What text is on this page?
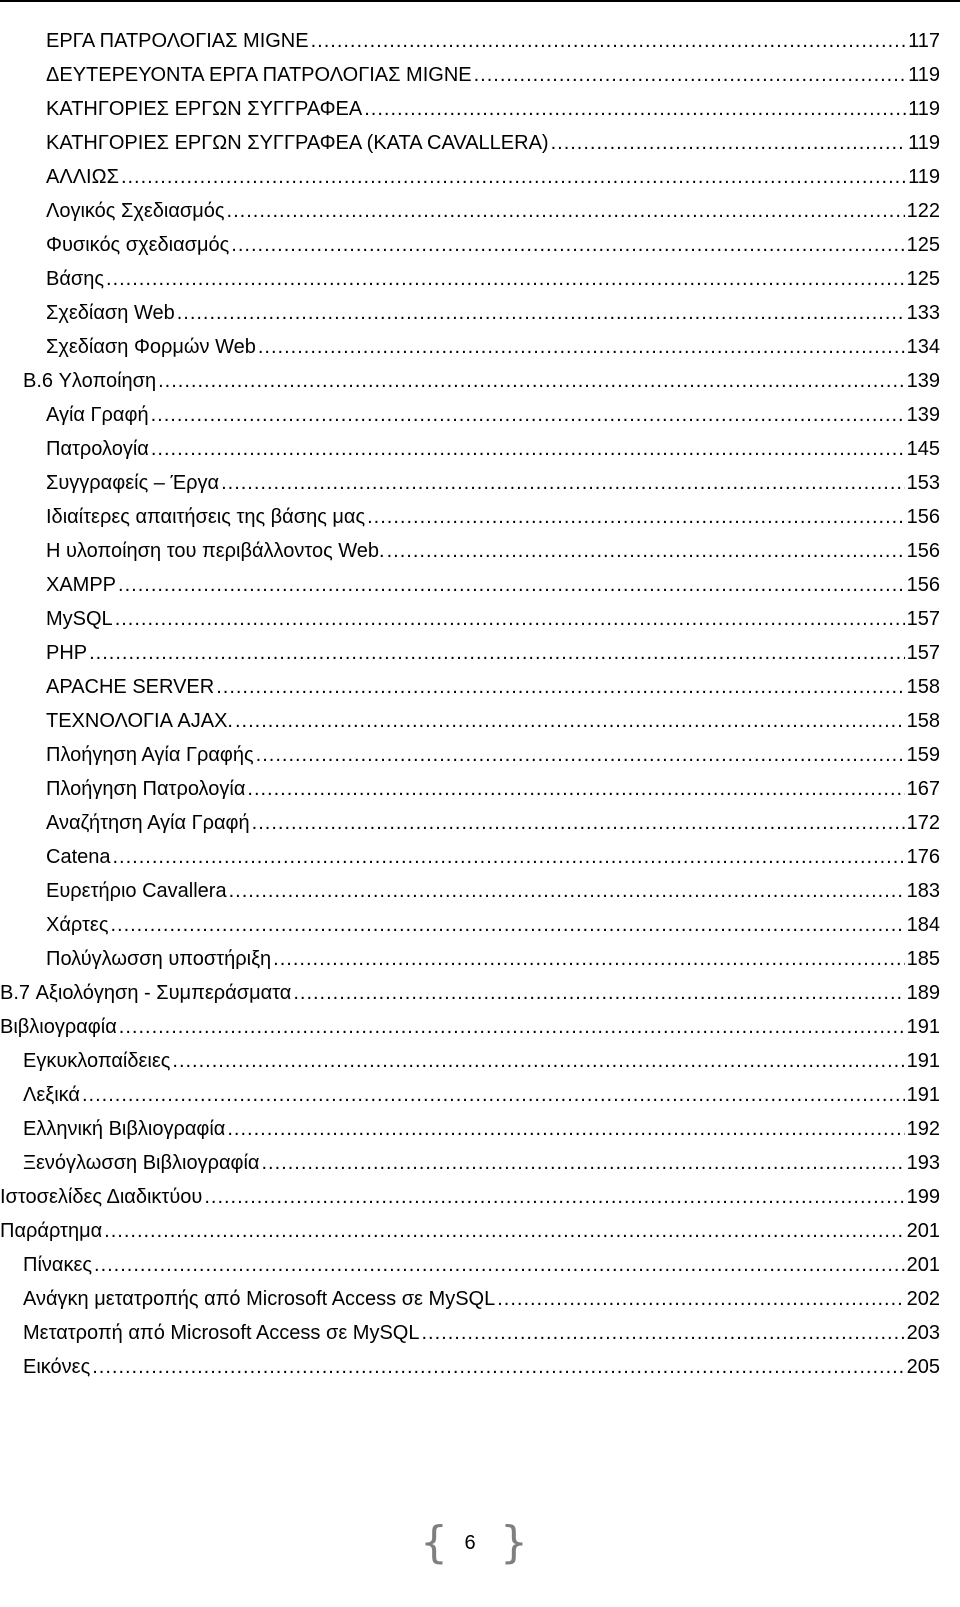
ΕΡΓΑ ΠΑΤΡΟΛΟΓΙΑΣ MIGNE .....	117
ΔΕΥΤΕΡΕΥΟΝΤΑ ΕΡΓΑ ΠΑΤΡΟΛΟΓΙΑΣ MIGNE .....	119
ΚΑΤΗΓΟΡΙΕΣ ΕΡΓΩΝ ΣΥΓΓΡΑΦΕΑ .....	119
ΚΑΤΗΓΟΡΙΕΣ ΕΡΓΩΝ ΣΥΓΓΡΑΦΕΑ (ΚΑΤΑ CAVALLERA) .....	119
ΑΛΛΙΩΣ .....	119
Λογικός Σχεδιασμός .....	122
Φυσικός σχεδιασμός .....	125
Βάσης .....	125
Σχεδίαση Web .....	133
Σχεδίαση Φορμών Web .....	134
B.6 Υλοποίηση .....	139
Αγία Γραφή .....	139
Πατρολογία .....	145
Συγγραφείς – Έργα .....	153
Ιδιαίτερες απαιτήσεις της βάσης μας .....	156
Η υλοποίηση του περιβάλλοντος Web. .....	156
XAMPP .....	156
MySQL .....	157
PHP .....	157
APACHE SERVER .....	158
ΤΕΧΝΟΛΟΓΙΑ AJAX. .....	158
Πλοήγηση Αγία Γραφής .....	159
Πλοήγηση Πατρολογία .....	167
Αναζήτηση Αγία Γραφή .....	172
Catena .....	176
Ευρετήριο Cavallera .....	183
Χάρτες .....	184
Πολύγλωσση υποστήριξη .....	185
B.7 Αξιολόγηση - Συμπεράσματα .....	189
Βιβλιογραφία .....	191
Εγκυκλοπαίδειες .....	191
Λεξικά .....	191
Ελληνική Βιβλιογραφία .....	192
Ξενόγλωσση Βιβλιογραφία .....	193
Ιστοσελίδες Διαδικτύου .....	199
Παράρτημα .....	201
Πίνακες .....	201
Ανάγκη μετατροπής από Microsoft Access σε MySQL .....	202
Μετατροπή από Microsoft Access σε MySQL .....	203
Εικόνες .....	205
{ 6 }
